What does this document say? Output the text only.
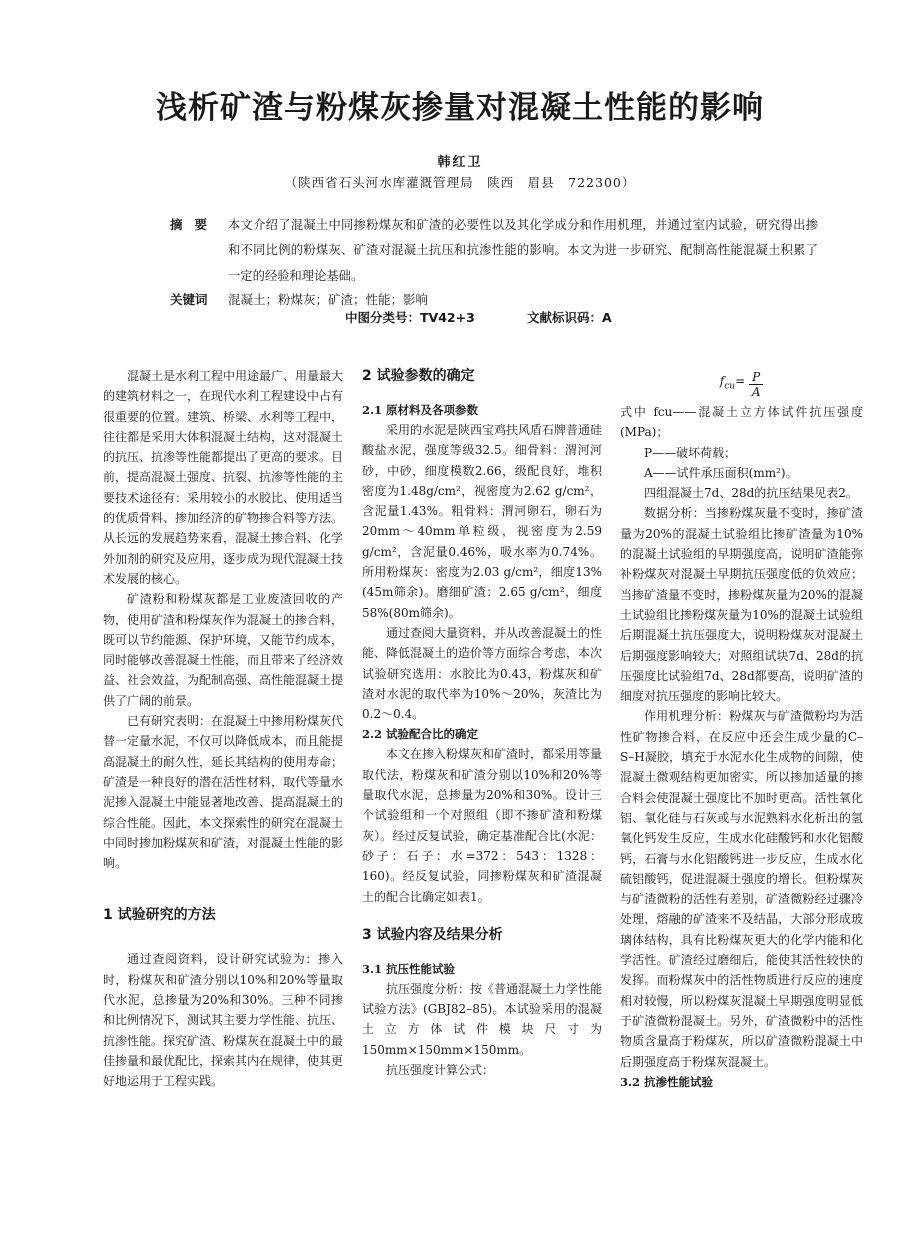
浅析矿渣与粉煤灰掺量对混凝土性能的影响
韩红卫
（陕西省石头河水库灌溉管理局　陕西　眉县　722300）
摘要 本文介绍了混凝土中同掺粉煤灰和矿渣的必要性以及其化学成分和作用机理，并通过室内试验，研究得出掺和不同比例的粉煤灰、矿渣对混凝土抗压和抗渗性能的影响。本文为进一步研究、配制高性能混凝土积累了一定的经验和理论基础。

关键词 混凝土；粉煤灰；矿渣；性能；影响
中图分类号：TV42+3	文献标识码：A

混凝土是水利工程中用途最广、用量最大的建筑材料之一，在现代水利工程建设中占有很重要的位置。建筑、桥梁、水利等工程中，往往都是采用大体积混凝土结构，这对混凝土的抗压、抗渗等性能都提出了更高的要求。目前，提高混凝土强度、抗裂、抗渗等性能的主要技术途径有：采用较小的水胶比、使用适当的优质骨料、掺加经济的矿物掺合料等方法。从长远的发展趋势来看，混凝土掺合料、化学外加剂的研究及应用，逐步成为现代混凝土技术发展的核心。

矿渣粉和粉煤灰都是工业废渣回收的产物，使用矿渣和粉煤灰作为混凝土的掺合料，既可以节约能源、保护环境，又能节约成本，同时能够改善混凝土性能，而且带来了经济效益、社会效益，为配制高强、高性能混凝土提供了广阔的前景。

已有研究表明：在混凝土中掺用粉煤灰代替一定量水泥，不仅可以降低成本，而且能提高混凝土的耐久性，延长其结构的使用寿命；矿渣是一种良好的潜在活性材料，取代等量水泥掺入混凝土中能显著地改善、提高混凝土的综合性能。因此，本文探索性的研究在混凝土中同时掺加粉煤灰和矿渣，对混凝土性能的影响。

1 试验研究的方法

通过查阅资料，设计研究试验为：掺入时，粉煤灰和矿渣分别以10%和20%等量取代水泥，总掺量为20%和30%。三种不同掺和比例情况下，测试其主要力学性能、抗压、抗渗性能。探究矿渣、粉煤灰在混凝土中的最佳掺量和最优配比，探索其内在规律，使其更好地运用于工程实践。

2 试验参数的确定
2.1 原材料及各项参数

采用的水泥是陕西宝鸡扶风盾石牌普通硅酸盐水泥，强度等级32.5。细骨料：渭河河砂，中砂，细度模数2.66，级配良好，堆积密度为1.48g/cm²，视密度为2.62 g/cm²，含泥量1.43%。粗骨料：渭河卵石，卵石为20mm～40mm单粒级，视密度为2.59 g/cm²，含泥量0.46%，吸水率为0.74%。所用粉煤灰：密度为2.03 g/cm²，细度13%(45m筛余)。磨细矿渣：2.65 g/cm²，细度58%(80m筛余)。

通过查阅大量资料，并从改善混凝土的性能、降低混凝土的造价等方面综合考虑，本次试验研究选用：水胶比为0.43，粉煤灰和矿渣对水泥的取代率为10%～20%，灰渣比为0.2～0.4。

2.2 试验配合比的确定

本文在掺入粉煤灰和矿渣时，都采用等量取代法，粉煤灰和矿渣分别以10%和20%等量取代水泥，总掺量为20%和30%。设计三个试验组和一个对照组（即不掺矿渣和粉煤灰）。经过反复试验，确定基准配合比(水泥：砂子：石子：水=372：543：1328：160)。经反复试验，同掺粉煤灰和矿渣混凝土的配合比确定如表1。

3 试验内容及结果分析
3.1 抗压性能试验

抗压强度分析：按《普通混凝土力学性能试验方法》(GBJ82–85)。本试验采用的混凝土立方体试件模块尺寸为150mm×150mm×150mm。

抗压强度计算公式：

$f_{cu}= \frac{P}{A}$

式中 fcu——混凝土立方体试件抗压强度(MPa)；

P——破坏荷载；

A——试件承压面积(mm²)。

四组混凝土7d、28d的抗压结果见表2。

数据分析：当掺粉煤灰量不变时，掺矿渣量为20%的混凝土试验组比掺矿渣量为10%的混凝土试验组的早期强度高，说明矿渣能弥补粉煤灰对混凝土早期抗压强度低的负效应；当掺矿渣量不变时，掺粉煤灰量为20%的混凝土试验组比掺粉煤灰量为10%的混凝土试验组后期混凝土抗压强度大，说明粉煤灰对混凝土后期强度影响较大；对照组试块7d、28d的抗压强度比试验组7d、28d都要高，说明矿渣的细度对抗压强度的影响比较大。

作用机理分析：粉煤灰与矿渣微粉均为活性矿物掺合料，在反应中还会生成少量的C–S–H凝胶，填充于水泥水化生成物的间隙，使混凝土微观结构更加密实，所以掺加适量的掺合料会使混凝土强度比不加时更高。活性氧化铝、氧化硅与石灰或与水泥熟料水化析出的氢氧化钙发生反应，生成水化硅酸钙和水化铝酸钙，石膏与水化铝酸钙进一步反应，生成水化硫铝酸钙，促进混凝土强度的增长。但粉煤灰与矿渣微粉的活性有差别，矿渣微粉经过骤冷处理，熔融的矿渣来不及结晶，大部分形成玻璃体结构，具有比粉煤灰更大的化学内能和化学活性。矿渣经过磨细后，能使其活性较快的发挥。而粉煤灰中的活性物质进行反应的速度相对较慢，所以粉煤灰混凝土早期强度明显低于矿渣微粉混凝土。另外，矿渣微粉中的活性物质含量高于粉煤灰，所以矿渣微粉混凝土中后期强度高于粉煤灰混凝土。

3.2 抗渗性能试验
